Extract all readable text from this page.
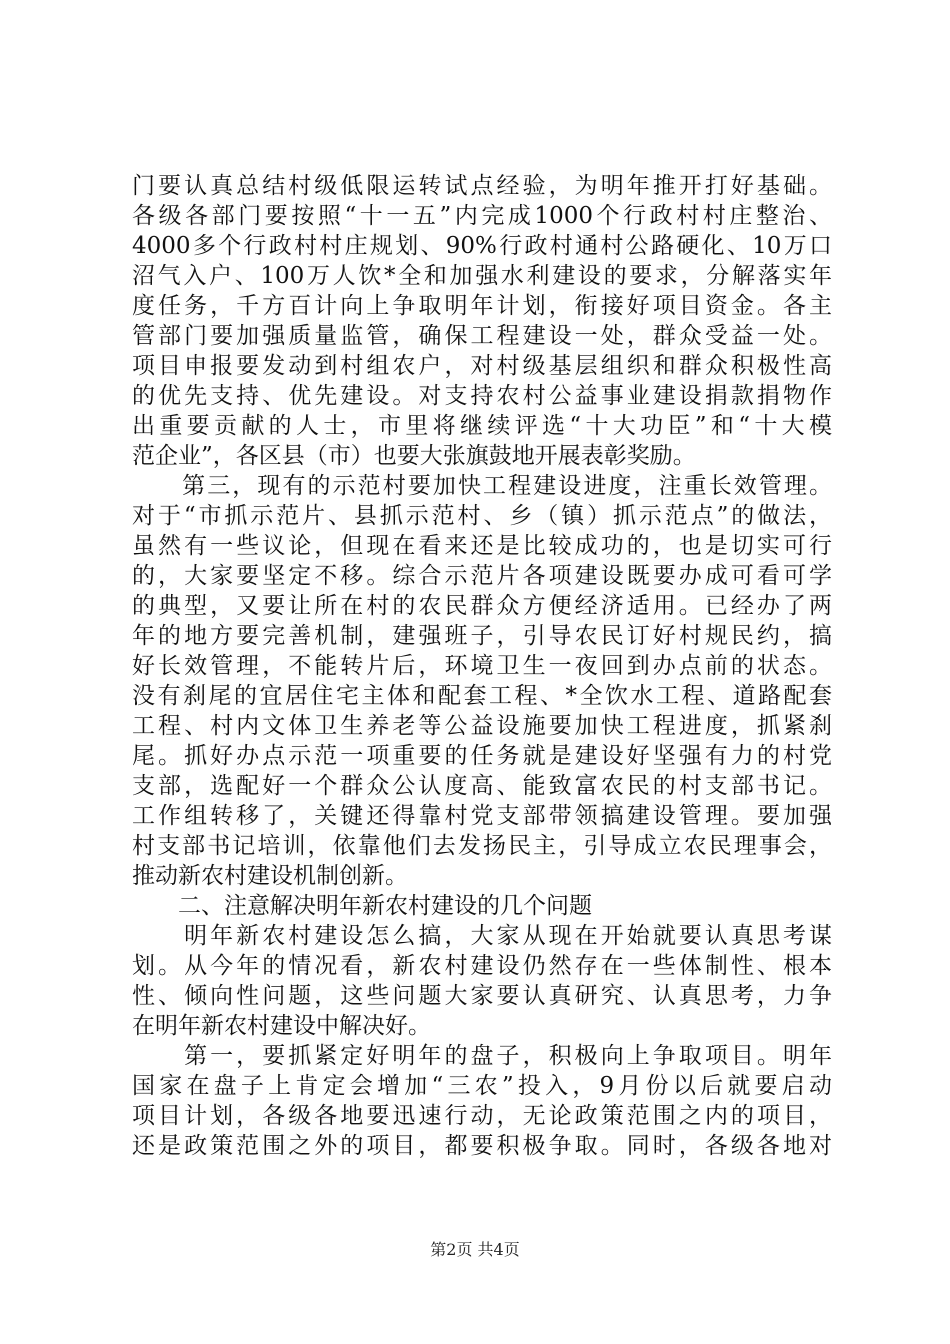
门要认真总结村级低限运转试点经验，为明年推开打好基础。
各级各部门要按照“十一五”内完成1000个行政村村庄整治、
4000多个行政村村庄规划、90%行政村通村公路硬化、10万口
沼气入户、100万人饮*全和加强水利建设的要求，分解落实年
度任务，千方百计向上争取明年计划，衔接好项目资金。各主
管部门要加强质量监管，确保工程建设一处，群众受益一处。
项目申报要发动到村组农户，对村级基层组织和群众积极性高
的优先支持、优先建设。对支持农村公益事业建设捐款捐物作
出重要贡献的人士，市里将继续评选“十大功臣”和“十大模
范企业”，各区县（市）也要大张旗鼓地开展表彰奖励。
　　第三，现有的示范村要加快工程建设进度，注重长效管理。
对于“市抓示范片、县抓示范村、乡（镇）抓示范点”的做法，
虽然有一些议论，但现在看来还是比较成功的，也是切实可行
的，大家要坚定不移。综合示范片各项建设既要办成可看可学
的典型，又要让所在村的农民群众方便经济适用。已经办了两
年的地方要完善机制，建强班子，引导农民订好村规民约，搞
好长效管理，不能转片后，环境卫生一夜回到办点前的状态。
没有刹尾的宜居住宅主体和配套工程、*全饮水工程、道路配套
工程、村内文体卫生养老等公益设施要加快工程进度，抓紧刹
尾。抓好办点示范一项重要的任务就是建设好坚强有力的村党
支部，选配好一个群众公认度高、能致富农民的村支部书记。
工作组转移了，关键还得靠村党支部带领搞建设管理。要加强
村支部书记培训，依靠他们去发扬民主，引导成立农民理事会，
推动新农村建设机制创新。
　　二、注意解决明年新农村建设的几个问题
　　明年新农村建设怎么搞，大家从现在开始就要认真思考谋
划。从今年的情况看，新农村建设仍然存在一些体制性、根本
性、倾向性问题，这些问题大家要认真研究、认真思考，力争
在明年新农村建设中解决好。
　　第一，要抓紧定好明年的盘子，积极向上争取项目。明年
国家在盘子上肯定会增加“三农”投入，9月份以后就要启动
项目计划，各级各地要迅速行动，无论政策范围之内的项目，
还是政策范围之外的项目，都要积极争取。同时，各级各地对
第2页 共4页
